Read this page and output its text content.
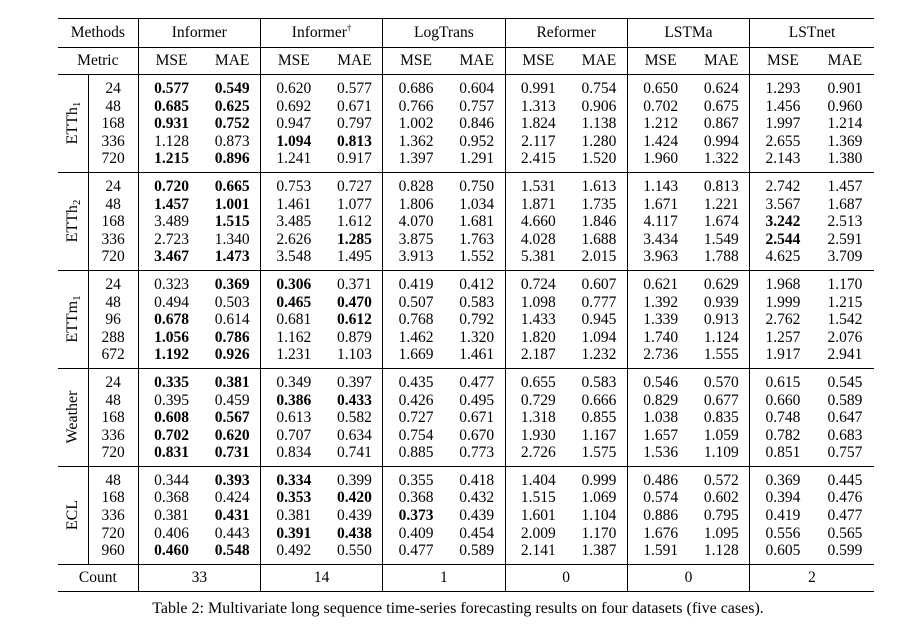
Methods		Informer		Informer†		LogTrans		Reformer		LSTMa		LSTnet	
Metric		MSE	MAE	MSE	MAE	MSE	MAE	MSE	MAE	MSE	MAE	MSE	MAE

ETTh$_1$	24	0.577	0.549	0.620	0.577	0.686	0.604	0.991	0.754	0.650	0.624	1.293	0.901
	48	0.685	0.625	0.692	0.671	0.766	0.757	1.313	0.906	0.702	0.675	1.456	0.960
	168	0.931	0.752	0.947	0.797	1.002	0.846	1.824	1.138	1.212	0.867	1.997	1.214
	336	1.128	0.873	1.094	0.813	1.362	0.952	2.117	1.280	1.424	0.994	2.655	1.369
	720	1.215	0.896	1.241	0.917	1.397	1.291	2.415	1.520	1.960	1.322	2.143	1.380

ETTh$_2$	24	0.720	0.665	0.753	0.727	0.828	0.750	1.531	1.613	1.143	0.813	2.742	1.457
	48	1.457	1.001	1.461	1.077	1.806	1.034	1.871	1.735	1.671	1.221	3.567	1.687
	168	3.489	1.515	3.485	1.612	4.070	1.681	4.660	1.846	4.117	1.674	3.242	2.513
	336	2.723	1.340	2.626	1.285	3.875	1.763	4.028	1.688	3.434	1.549	2.544	2.591
	720	3.467	1.473	3.548	1.495	3.913	1.552	5.381	2.015	3.963	1.788	4.625	3.709

ETTm$_1$	24	0.323	0.369	0.306	0.371	0.419	0.412	0.724	0.607	0.621	0.629	1.968	1.170
	48	0.494	0.503	0.465	0.470	0.507	0.583	1.098	0.777	1.392	0.939	1.999	1.215
	96	0.678	0.614	0.681	0.612	0.768	0.792	1.433	0.945	1.339	0.913	2.762	1.542
	288	1.056	0.786	1.162	0.879	1.462	1.320	1.820	1.094	1.740	1.124	1.257	2.076
	672	1.192	0.926	1.231	1.103	1.669	1.461	2.187	1.232	2.736	1.555	1.917	2.941

Weather	24	0.335	0.381	0.349	0.397	0.435	0.477	0.655	0.583	0.546	0.570	0.615	0.545
	48	0.395	0.459	0.386	0.433	0.426	0.495	0.729	0.666	0.829	0.677	0.660	0.589
	168	0.608	0.567	0.613	0.582	0.727	0.671	1.318	0.855	1.038	0.835	0.748	0.647
	336	0.702	0.620	0.707	0.634	0.754	0.670	1.930	1.167	1.657	1.059	0.782	0.683
	720	0.831	0.731	0.834	0.741	0.885	0.773	2.726	1.575	1.536	1.109	0.851	0.757

ECL	48	0.344	0.393	0.334	0.399	0.355	0.418	1.404	0.999	0.486	0.572	0.369	0.445
	168	0.368	0.424	0.353	0.420	0.368	0.432	1.515	1.069	0.574	0.602	0.394	0.476
	336	0.381	0.431	0.381	0.439	0.373	0.439	1.601	1.104	0.886	0.795	0.419	0.477
	720	0.406	0.443	0.391	0.438	0.409	0.454	2.009	1.170	1.676	1.095	0.556	0.565
	960	0.460	0.548	0.492	0.550	0.477	0.589	2.141	1.387	1.591	1.128	0.605	0.599
Count		33		14		1		0		0		2	
Table 2: Multivariate long sequence time-series forecasting results on four datasets (five cases).
